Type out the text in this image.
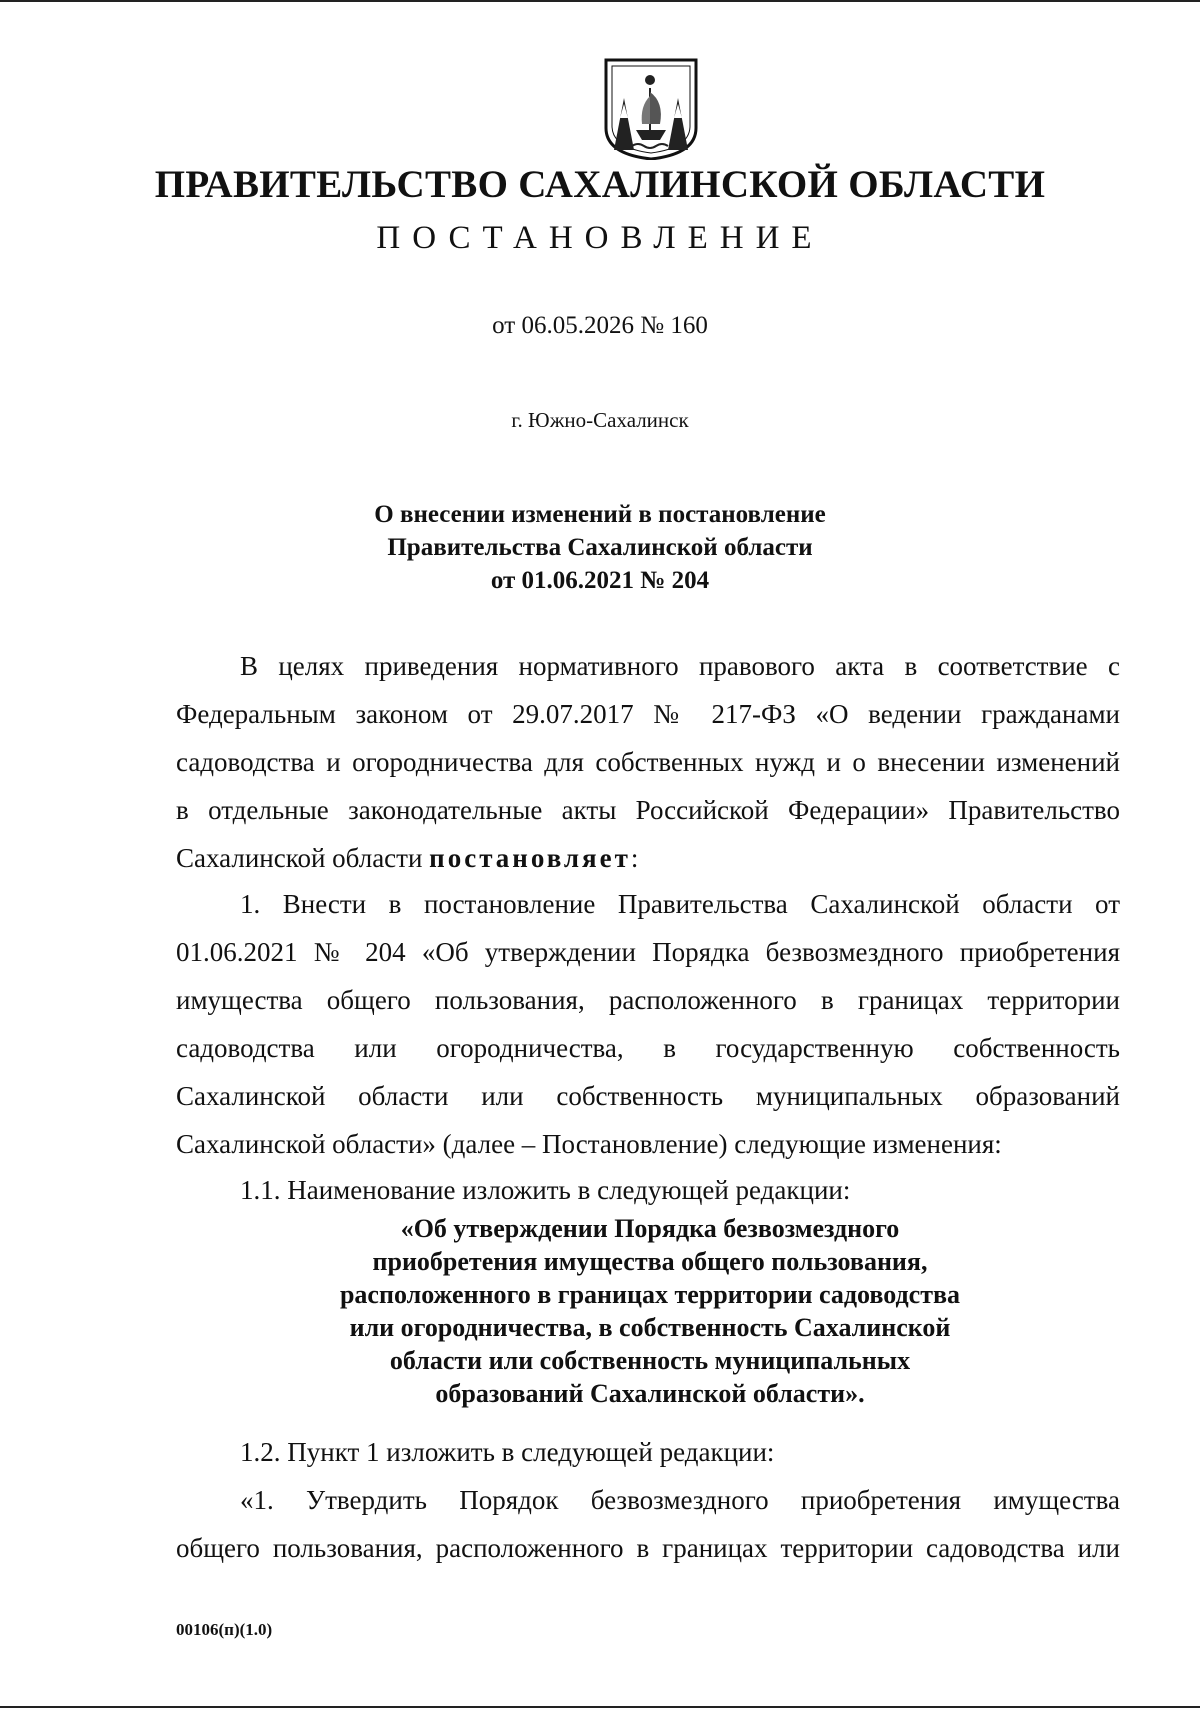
ПРАВИТЕЛЬСТВО САХАЛИНСКОЙ ОБЛАСТИ
ПОСТАНОВЛЕНИЕ
от 06.05.2026 № 160
г. Южно-Сахалинск
О внесении изменений в постановление
Правительства Сахалинской области
от 01.06.2021 № 204
В целях приведения нормативного правового акта в соответствие с
Федеральным законом от 29.07.2017 № 217-ФЗ «О ведении гражданами
садоводства и огородничества для собственных нужд и о внесении изменений
в отдельные законодательные акты Российской Федерации» Правительство
Сахалинской области постановляет:
1. Внести в постановление Правительства Сахалинской области от
01.06.2021 № 204 «Об утверждении Порядка безвозмездного приобретения
имущества общего пользования, расположенного в границах территории
садоводства или огородничества, в государственную собственность
Сахалинской области или собственность муниципальных образований
Сахалинской области» (далее – Постановление) следующие изменения:
1.1. Наименование изложить в следующей редакции:
«Об утверждении Порядка безвозмездного
приобретения имущества общего пользования,
расположенного в границах территории садоводства
или огородничества, в собственность Сахалинской
области или собственность муниципальных
образований Сахалинской области».
1.2. Пункт 1 изложить в следующей редакции:
«1. Утвердить Порядок безвозмездного приобретения имущества
общего пользования, расположенного в границах территории садоводства или
00106(п)(1.0)
